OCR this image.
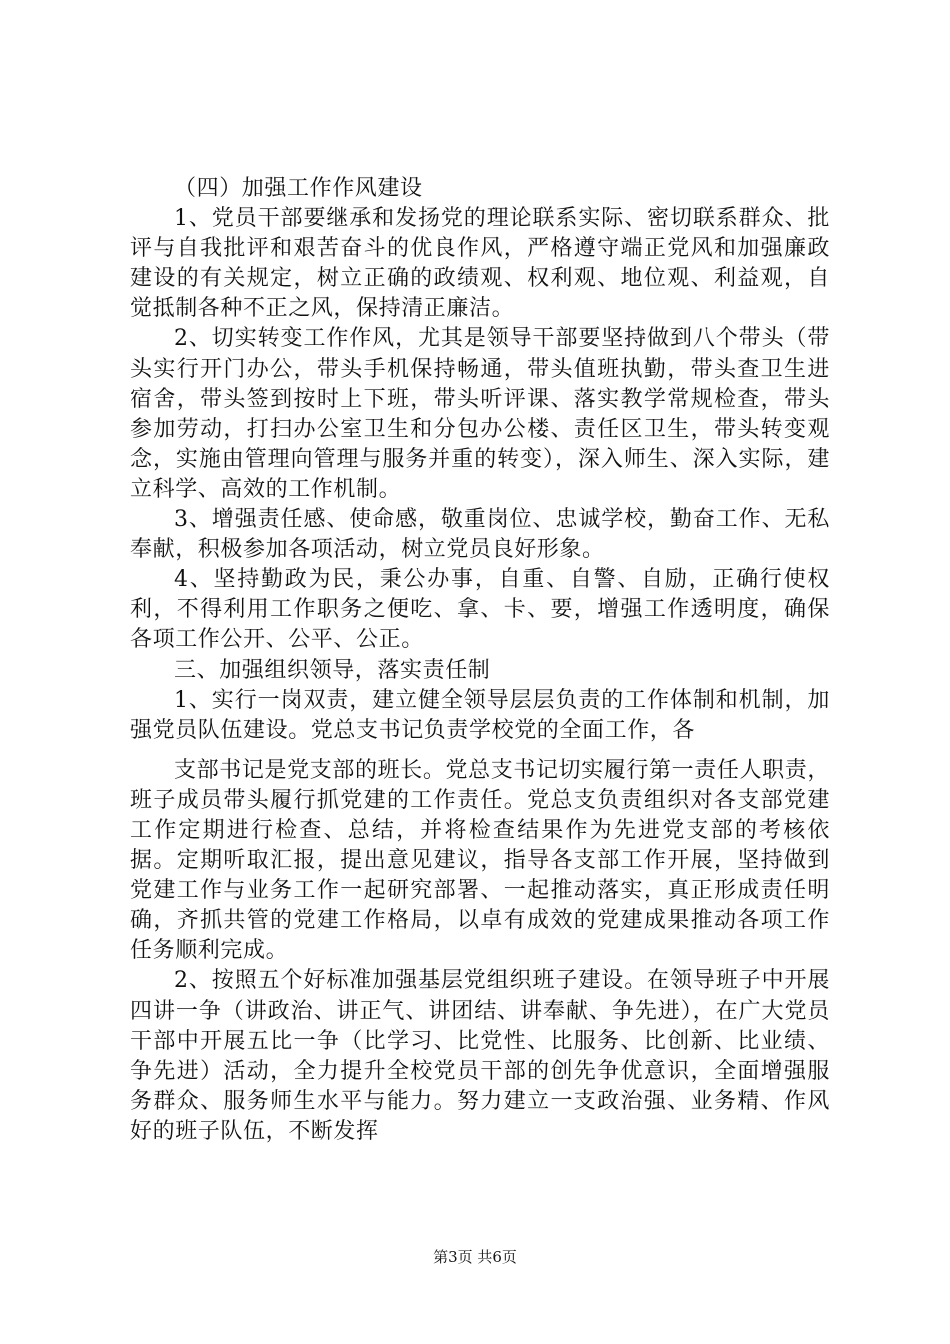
（四）加强工作作风建设

1、党员干部要继承和发扬党的理论联系实际、密切联系群众、批评与自我批评和艰苦奋斗的优良作风，严格遵守端正党风和加强廉政建设的有关规定，树立正确的政绩观、权利观、地位观、利益观，自觉抵制各种不正之风，保持清正廉洁。

2、切实转变工作作风，尤其是领导干部要坚持做到八个带头（带头实行开门办公，带头手机保持畅通，带头值班执勤，带头查卫生进宿舍，带头签到按时上下班，带头听评课、落实教学常规检查，带头参加劳动，打扫办公室卫生和分包办公楼、责任区卫生，带头转变观念，实施由管理向管理与服务并重的转变），深入师生、深入实际，建立科学、高效的工作机制。

3、增强责任感、使命感，敬重岗位、忠诚学校，勤奋工作、无私奉献，积极参加各项活动，树立党员良好形象。

4、坚持勤政为民，秉公办事，自重、自警、自励，正确行使权利，不得利用工作职务之便吃、拿、卡、要，增强工作透明度，确保各项工作公开、公平、公正。

三、加强组织领导，落实责任制

1、实行一岗双责，建立健全领导层层负责的工作体制和机制，加强党员队伍建设。党总支书记负责学校党的全面工作，各

支部书记是党支部的班长。党总支书记切实履行第一责任人职责，班子成员带头履行抓党建的工作责任。党总支负责组织对各支部党建工作定期进行检查、总结，并将检查结果作为先进党支部的考核依据。定期听取汇报，提出意见建议，指导各支部工作开展，坚持做到党建工作与业务工作一起研究部署、一起推动落实，真正形成责任明确，齐抓共管的党建工作格局，以卓有成效的党建成果推动各项工作任务顺利完成。

2、按照五个好标准加强基层党组织班子建设。在领导班子中开展四讲一争（讲政治、讲正气、讲团结、讲奉献、争先进），在广大党员干部中开展五比一争（比学习、比党性、比服务、比创新、比业绩、争先进）活动，全力提升全校党员干部的创先争优意识，全面增强服务群众、服务师生水平与能力。努力建立一支政治强、业务精、作风好的班子队伍，不断发挥

第3页 共6页
